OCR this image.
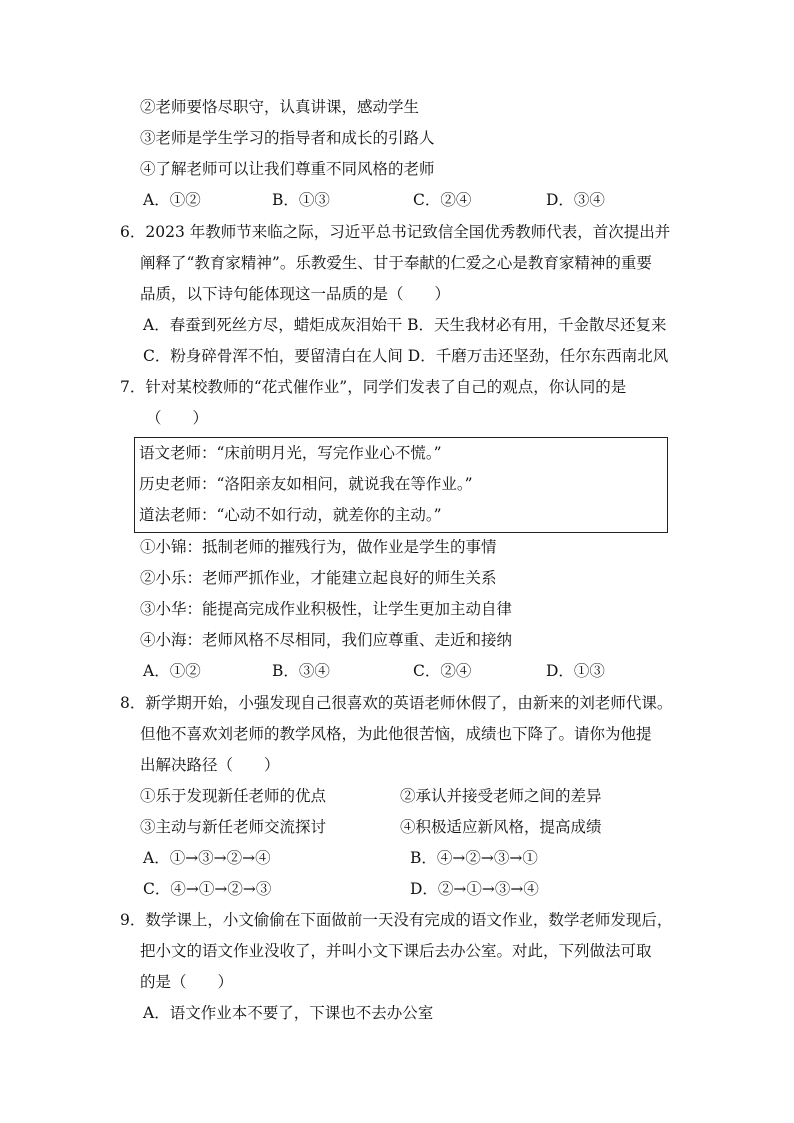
②老师要恪尽职守，认真讲课，感动学生
③老师是学生学习的指导者和成长的引路人
④了解老师可以让我们尊重不同风格的老师
A．①②	B．①③	C．②④	D．③④
6．2023 年教师节来临之际，习近平总书记致信全国优秀教师代表，首次提出并
阐释了“教育家精神”。乐教爱生、甘于奉献的仁爱之心是教育家精神的重要
品质，以下诗句能体现这一品质的是（　　）
A．春蚕到死丝方尽，蜡炬成灰泪始干 B．天生我材必有用，千金散尽还复来
C．粉身碎骨浑不怕，要留清白在人间 D．千磨万击还坚劲，任尔东西南北风
7．针对某校教师的“花式催作业”，同学们发表了自己的观点，你认同的是
（　　）
语文老师：“床前明月光，写完作业心不慌。”
历史老师：“洛阳亲友如相问，就说我在等作业。”
道法老师：“心动不如行动，就差你的主动。”
①小锦：抵制老师的摧残行为，做作业是学生的事情
②小乐：老师严抓作业，才能建立起良好的师生关系
③小华：能提高完成作业积极性，让学生更加主动自律
④小海：老师风格不尽相同，我们应尊重、走近和接纳
A．①②	B．③④	C．②④	D．①③
8．新学期开始，小强发现自己很喜欢的英语老师休假了，由新来的刘老师代课。
但他不喜欢刘老师的教学风格，为此他很苦恼，成绩也下降了。请你为他提
出解决路径（　　）
①乐于发现新任老师的优点	②承认并接受老师之间的差异
③主动与新任老师交流探讨	④积极适应新风格，提高成绩
A．①→③→②→④	B．④→②→③→①
C．④→①→②→③	D．②→①→③→④
9．数学课上，小文偷偷在下面做前一天没有完成的语文作业，数学老师发现后，
把小文的语文作业没收了，并叫小文下课后去办公室。对此，下列做法可取
的是（　　）
A．语文作业本不要了，下课也不去办公室
